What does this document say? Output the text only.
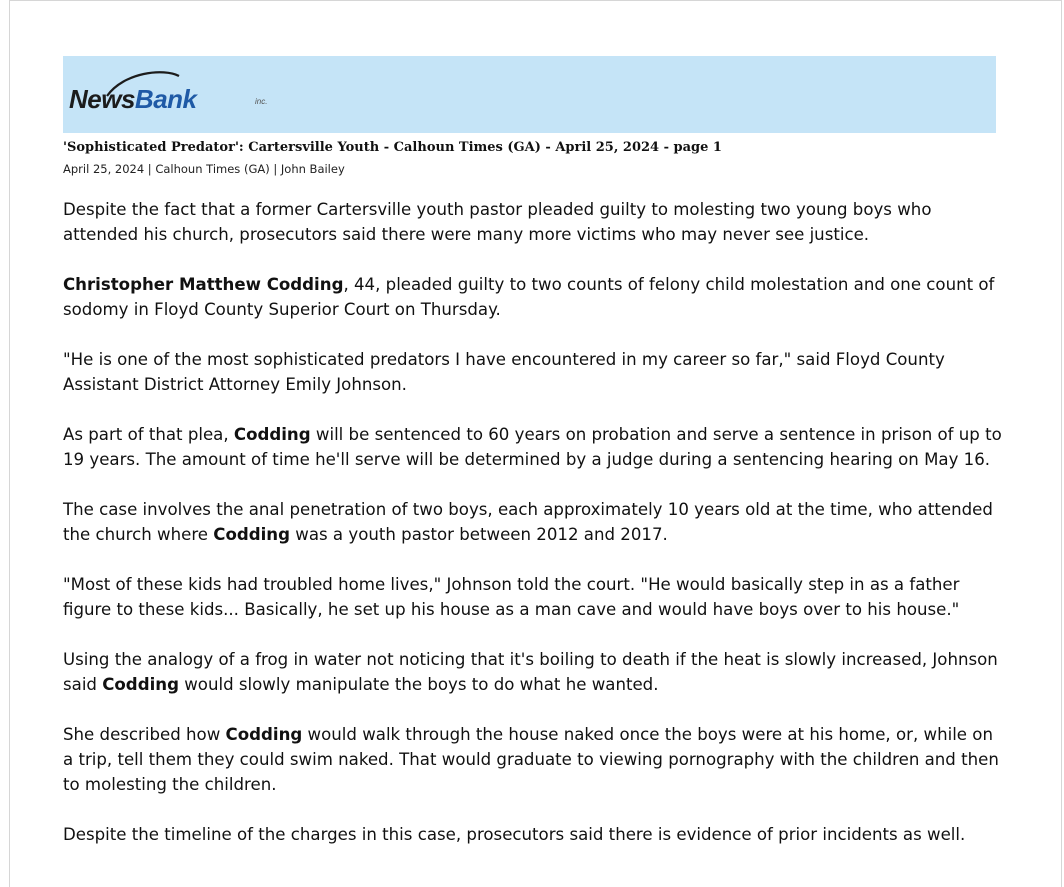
NewsBank	inc.
'Sophisticated Predator': Cartersville Youth - Calhoun Times (GA) - April 25, 2024 - page 1
April 25, 2024 | Calhoun Times (GA) | John Bailey

Despite the fact that a former Cartersville youth pastor pleaded guilty to molesting two young boys who attended his church, prosecutors said there were many more victims who may never see justice.

Christopher Matthew Codding, 44, pleaded guilty to two counts of felony child molestation and one count of sodomy in Floyd County Superior Court on Thursday.

"He is one of the most sophisticated predators I have encountered in my career so far," said Floyd County Assistant District Attorney Emily Johnson.

As part of that plea, Codding will be sentenced to 60 years on probation and serve a sentence in prison of up to 19 years. The amount of time he'll serve will be determined by a judge during a sentencing hearing on May 16.

The case involves the anal penetration of two boys, each approximately 10 years old at the time, who attended the church where Codding was a youth pastor between 2012 and 2017.

"Most of these kids had troubled home lives," Johnson told the court. "He would basically step in as a father figure to these kids... Basically, he set up his house as a man cave and would have boys over to his house."

Using the analogy of a frog in water not noticing that it's boiling to death if the heat is slowly increased, Johnson said Codding would slowly manipulate the boys to do what he wanted.

She described how Codding would walk through the house naked once the boys were at his home, or, while on a trip, tell them they could swim naked. That would graduate to viewing pornography with the children and then to molesting the children.

Despite the timeline of the charges in this case, prosecutors said there is evidence of prior incidents as well.
